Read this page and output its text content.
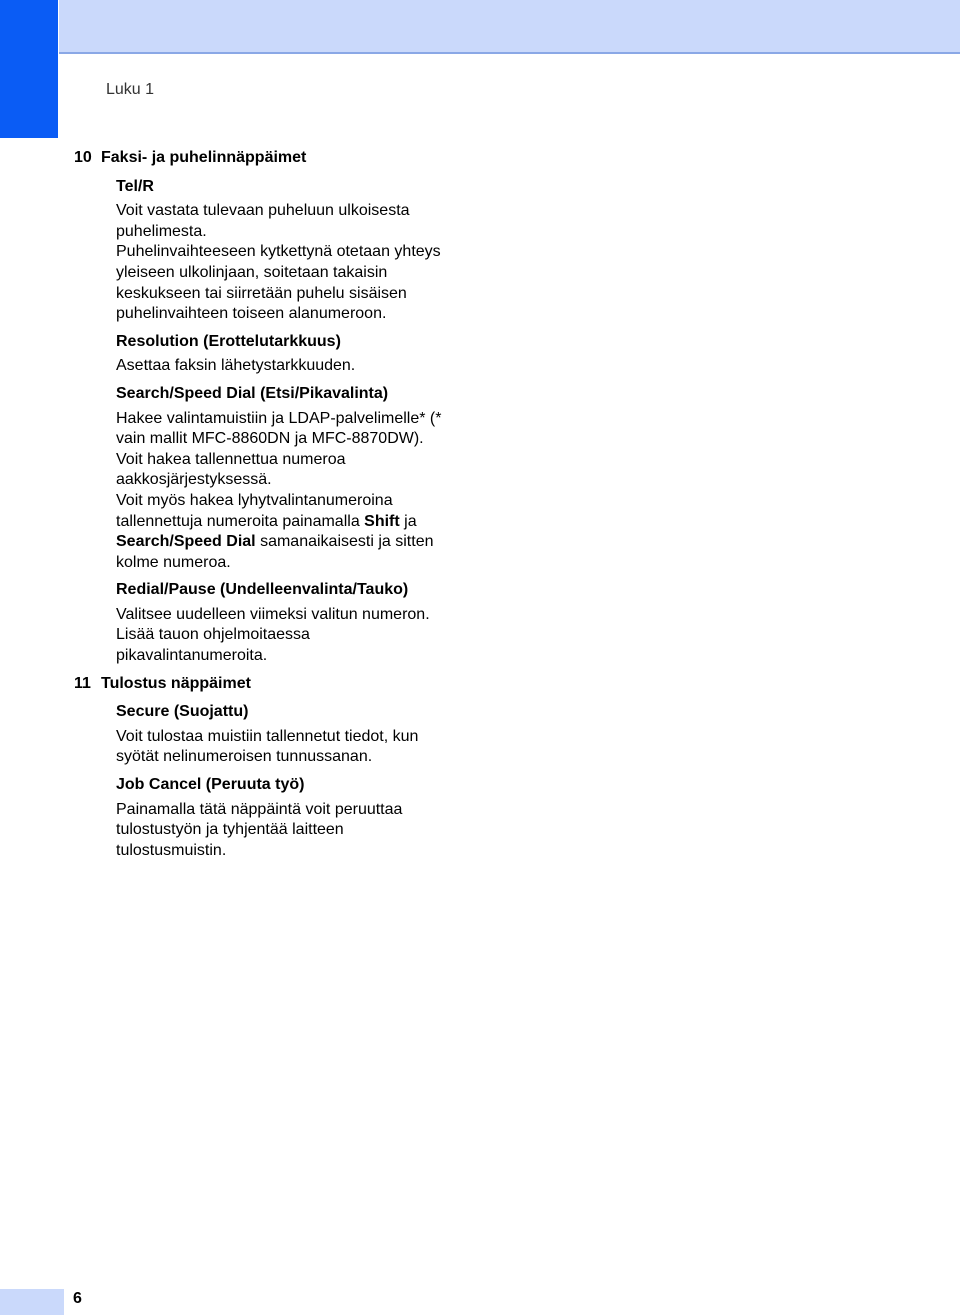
Luku 1
10 Faksi- ja puhelinnäppäimet
Tel/R
Voit vastata tulevaan puheluun ulkoisesta puhelimesta.
Puhelinvaihteeseen kytkettynä otetaan yhteys yleiseen ulkolinjaan, soitetaan takaisin keskukseen tai siirretään puhelu sisäisen puhelinvaihteen toiseen alanumeroon.
Resolution (Erottelutarkkuus)
Asettaa faksin lähetystarkkuuden.
Search/Speed Dial (Etsi/Pikavalinta)
Hakee valintamuistiin ja LDAP-palvelimelle* (* vain mallit MFC-8860DN ja MFC-8870DW).
Voit hakea tallennettua numeroa aakkosjärjestyksessä.
Voit myös hakea lyhytvalintanumeroina tallennettuja numeroita painamalla Shift ja Search/Speed Dial samanaikaisesti ja sitten kolme numeroa.
Redial/Pause (Undelleenvalinta/Tauko)
Valitsee uudelleen viimeksi valitun numeron. Lisää tauon ohjelmoitaessa pikavalintanumeroita.
11 Tulostus näppäimet
Secure (Suojattu)
Voit tulostaa muistiin tallennetut tiedot, kun syötät nelinumeroisen tunnussanan.
Job Cancel (Peruuta työ)
Painamalla tätä näppäintä voit peruuttaa tulostustyön ja tyhjentää laitteen tulostusmuistin.
6
